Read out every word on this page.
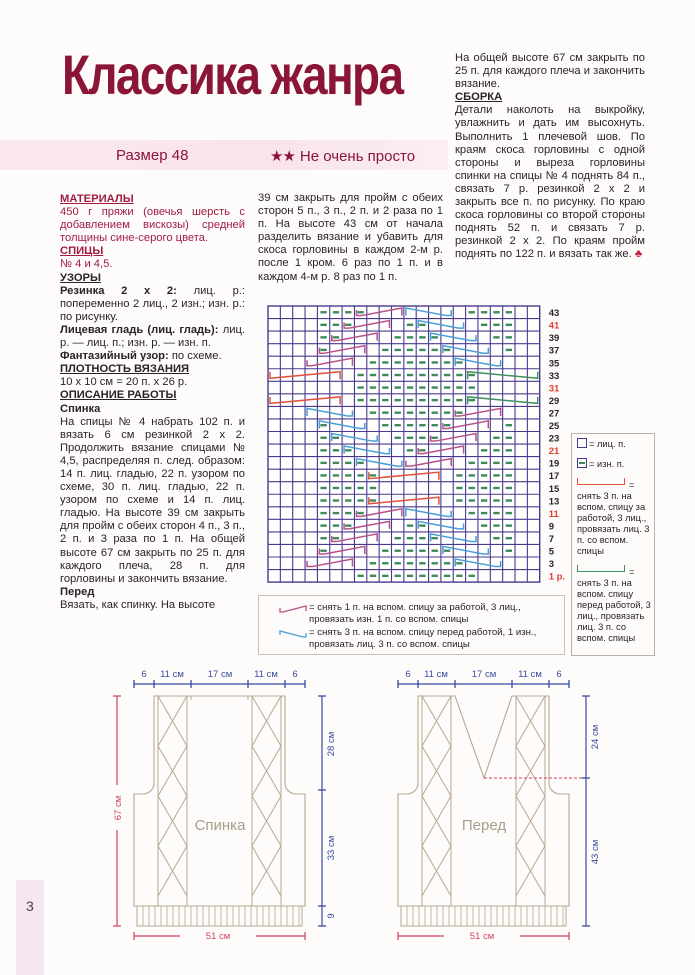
Классика жанра
Размер 48	★★ Не очень просто
МАТЕРИАЛЫ

450 г пряжи (овечья шерсть с добавлением вискозы) средней толщины сине-серого цвета.

СПИЦЫ

№ 4 и 4,5.

УЗОРЫ

Резинка 2 х 2: лиц. р.: попеременно 2 лиц., 2 изн.; изн. р.: по рисунку.

Лицевая гладь (лиц. гладь): лиц. р. — лиц. п.; изн. р. — изн. п.

Фантазийный узор: по схеме.

ПЛОТНОСТЬ ВЯЗАНИЯ

10 х 10 см = 20 п. х 26 р.

ОПИСАНИЕ РАБОТЫ
Спинка

На спицы № 4 набрать 102 п. и вязать 6 см резинкой 2 х 2. Продолжить вязание спицами № 4,5, распределяя п. след. образом: 14 п. лиц. гладью, 22 п. узором по схеме, 30 п. лиц. гладью, 22 п. узором по схеме и 14 п. лиц. гладью. На высоте 39 см закрыть для пройм с обеих сторон 4 п., 3 п., 2 п. и 3 раза по 1 п. На общей высоте 67 см закрыть по 25 п. для каждого плеча, 28 п. для горловины и закончить вязание.

Перед

Вязать, как спинку. На высоте

39 см закрыть для пройм с обеих сторон 5 п., 3 п., 2 п. и 2 раза по 1 п. На высоте 43 см от начала разделить вязание и убавить для скоса горловины в каждом 2-м р. после 1 кром. 6 раз по 1 п. и в каждом 4-м р. 8 раз по 1 п.

На общей высоте 67 см закрыть по 25 п. для каждого плеча и закончить вязание.

СБОРКА

Детали наколоть на выкройку, увлажнить и дать им высохнуть. Выполнить 1 плечевой шов. По краям скоса горловины с одной стороны и выреза горловины спинки на спицы № 4 поднять 84 п., связать 7 р. резинкой 2 х 2 и закрыть все п. по рисунку. По краю скоса горловины со второй стороны поднять 52 п. и связать 7 р. резинкой 2 х 2. По краям пройм поднять по 122 п. и вязать так же. ♣

43
41
39
37
35
33
31
29
27
25
23
21
19
17
15
13
11
9
7
5
3
1 р.
= лиц. п.
= изн. п.
= снять 3 п. на вспом. спицу за работой, 3 лиц., провязать лиц. 3 п. со вспом. спицы
= снять 3 п. на вспом. спицу перед работой, 3 лиц., провязать лиц. 3 п. со вспом. спицы
= снять 1 п. на вспом. спицу за работой, 3 лиц., провязать изн. 1 п. со вспом. спицы
= снять 3 п. на вспом. спицу перед работой, 1 изн., провязать лиц. 3 п. со вспом. спицы
6 11 см	17 см 11 см 6
Спинка
67 см
28 см
33 см
9
51 см
6 11 см	17 см 11 см 6
Перед
24 см
43 см
51 см
3
